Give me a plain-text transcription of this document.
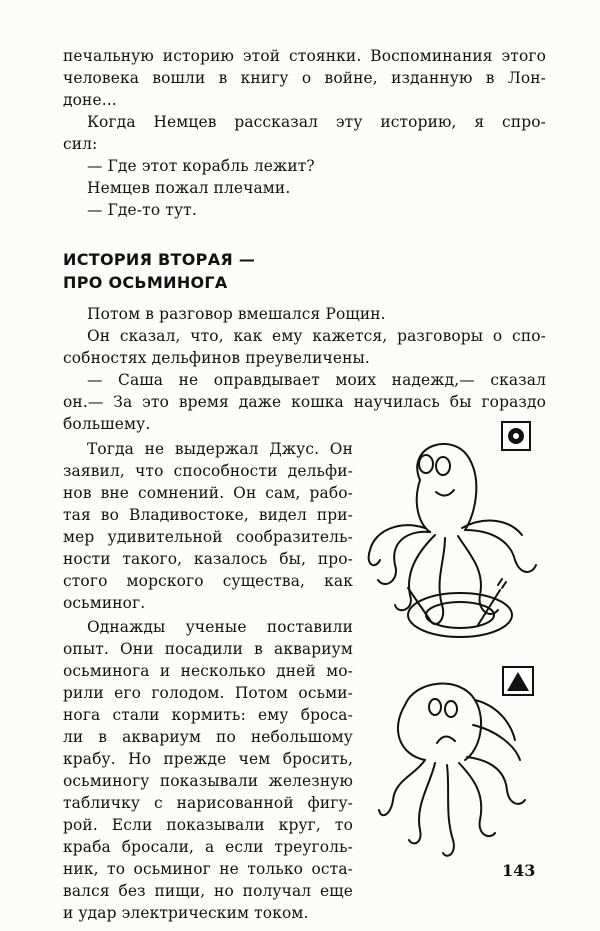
печальную историю этой стоянки. Воспоминания этого
человека вошли в книгу о войне, изданную в Лон-
доне...
Когда Немцев рассказал эту историю, я спро-
сил:
— Где этот корабль лежит?
Немцев пожал плечами.
— Где-то тут.
ИСТОРИЯ ВТОРАЯ —
ПРО ОСЬМИНОГА
Потом в разговор вмешался Рощин.
Он сказал, что, как ему кажется, разговоры о спо-
собностях дельфинов преувеличены.
— Саша не оправдывает моих надежд,— сказал
он.— За это время даже кошка научилась бы гораздо
большему.
Тогда не выдержал Джус. Он
заявил, что способности дельфи-
нов вне сомнений. Он сам, рабо-
тая во Владивостоке, видел при-
мер удивительной сообразитель-
ности такого, казалось бы, про-
стого морского существа, как
осьминог.
Однажды ученые поставили
опыт. Они посадили в аквариум
осьминога и несколько дней мо-
рили его голодом. Потом осьми-
нога стали кормить: ему броса-
ли в аквариум по небольшому
крабу. Но прежде чем бросить,
осьминогу показывали железную
табличку с нарисованной фигу-
рой. Если показывали круг, то
краба бросали, а если треуголь-
ник, то осьминог не только оста-
вался без пищи, но получал еще
и удар электрическим током.
143
